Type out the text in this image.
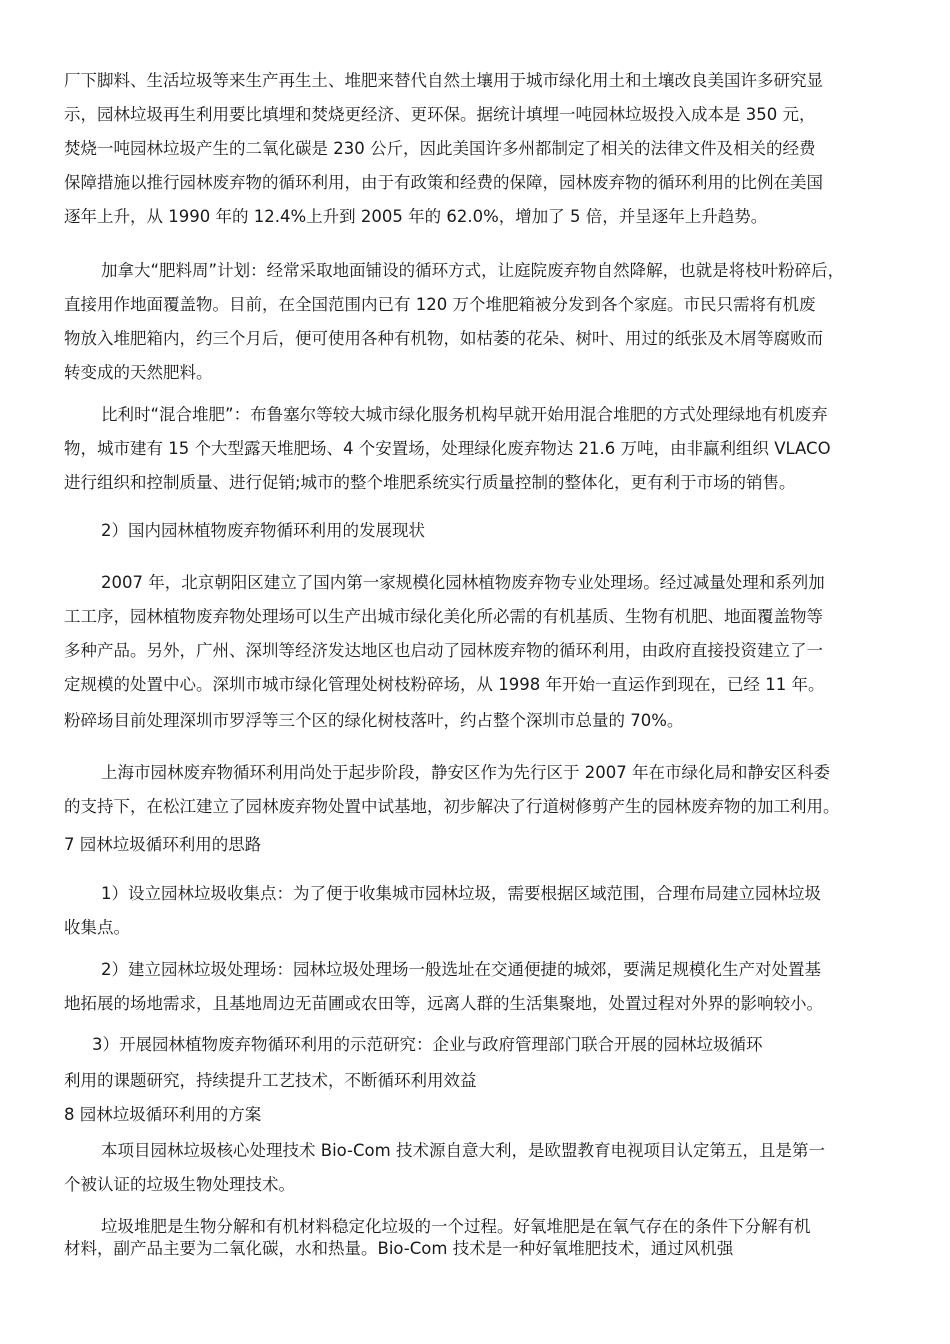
厂下脚料、生活垃圾等来生产再生土、堆肥来替代自然土壤用于城市绿化用土和土壤改良美国许多研究显
示，园林垃圾再生利用要比填埋和焚烧更经济、更环保。据统计填埋一吨园林垃圾投入成本是 350 元，
焚烧一吨园林垃圾产生的二氧化碳是 230 公斤，因此美国许多州都制定了相关的法律文件及相关的经费
保障措施以推行园林废弃物的循环利用，由于有政策和经费的保障，园林废弃物的循环利用的比例在美国
逐年上升，从 1990 年的 12.4%上升到 2005 年的 62.0%，增加了 5 倍，并呈逐年上升趋势。
加拿大“肥料周”计划：经常采取地面铺设的循环方式，让庭院废弃物自然降解，也就是将枝叶粉碎后，
直接用作地面覆盖物。目前，在全国范围内已有 120 万个堆肥箱被分发到各个家庭。市民只需将有机废
物放入堆肥箱内，约三个月后，便可使用各种有机物，如枯萎的花朵、树叶、用过的纸张及木屑等腐败而
转变成的天然肥料。
比利时“混合堆肥”：布鲁塞尔等较大城市绿化服务机构早就开始用混合堆肥的方式处理绿地有机废弃
物，城市建有 15 个大型露天堆肥场、4 个安置场，处理绿化废弃物达 21.6 万吨，由非赢利组织 VLACO
进行组织和控制质量、进行促销;城市的整个堆肥系统实行质量控制的整体化，更有利于市场的销售。
2）国内园林植物废弃物循环利用的发展现状
2007 年，北京朝阳区建立了国内第一家规模化园林植物废弃物专业处理场。经过减量处理和系列加
工工序，园林植物废弃物处理场可以生产出城市绿化美化所必需的有机基质、生物有机肥、地面覆盖物等
多种产品。另外，广州、深圳等经济发达地区也启动了园林废弃物的循环利用，由政府直接投资建立了一
定规模的处置中心。深圳市城市绿化管理处树枝粉碎场，从 1998 年开始一直运作到现在，已经 11 年。
粉碎场目前处理深圳市罗浮等三个区的绿化树枝落叶，约占整个深圳市总量的 70%。
上海市园林废弃物循环利用尚处于起步阶段，静安区作为先行区于 2007 年在市绿化局和静安区科委
的支持下，在松江建立了园林废弃物处置中试基地，初步解决了行道树修剪产生的园林废弃物的加工利用。
7 园林垃圾循环利用的思路
1）设立园林垃圾收集点：为了便于收集城市园林垃圾，需要根据区域范围，合理布局建立园林垃圾
收集点。
2）建立园林垃圾处理场：园林垃圾处理场一般选址在交通便捷的城郊，要满足规模化生产对处置基
地拓展的场地需求，且基地周边无苗圃或农田等，远离人群的生活集聚地，处置过程对外界的影响较小。
3）开展园林植物废弃物循环利用的示范研究：企业与政府管理部门联合开展的园林垃圾循环
利用的课题研究，持续提升工艺技术，不断循环利用效益
8 园林垃圾循环利用的方案
本项目园林垃圾核心处理技术 Bio-Com 技术源自意大利，是欧盟教育电视项目认定第五，且是第一
个被认证的垃圾生物处理技术。
垃圾堆肥是生物分解和有机材料稳定化垃圾的一个过程。好氧堆肥是在氧气存在的条件下分解有机
材料，副产品主要为二氧化碳，水和热量。Bio-Com 技术是一种好氧堆肥技术，通过风机强
